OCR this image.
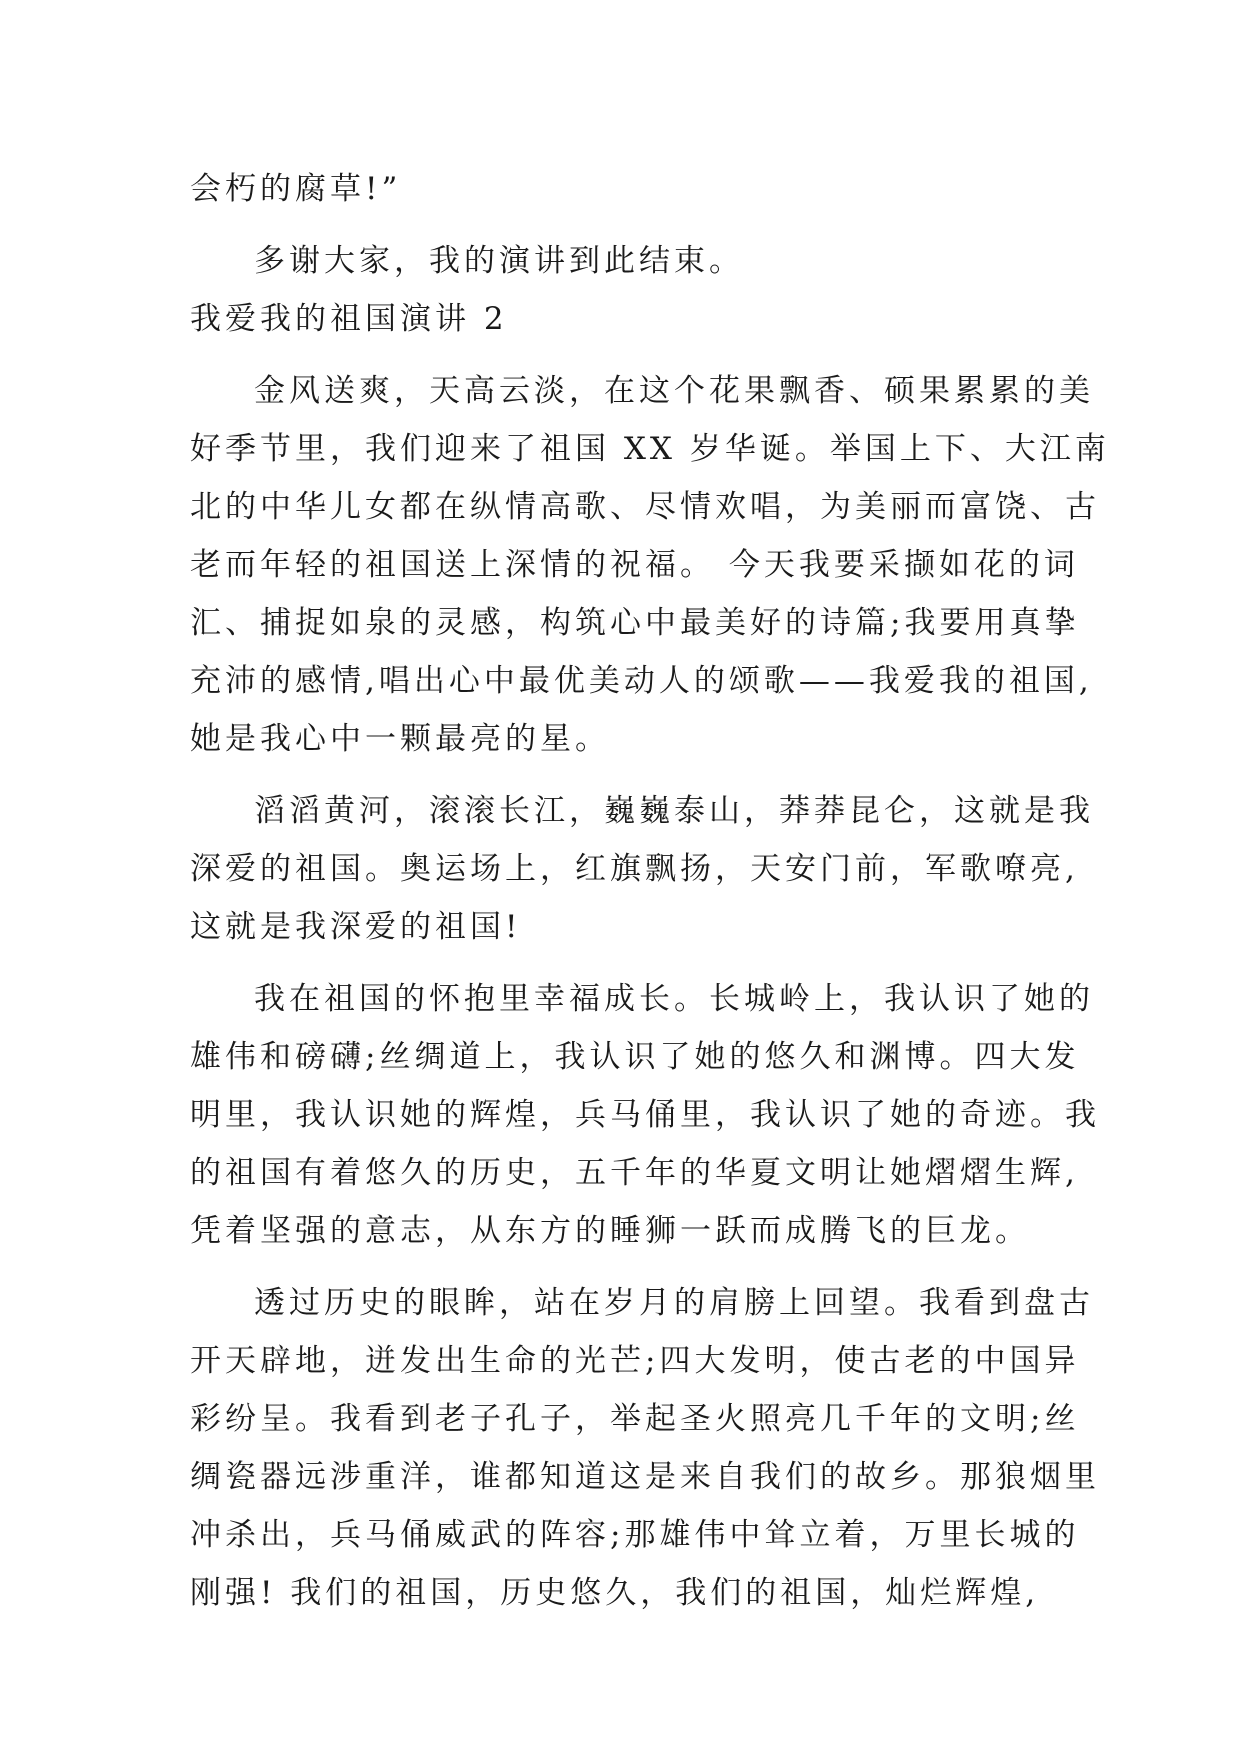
会朽的腐草!”
多谢大家，我的演讲到此结束。
我爱我的祖国演讲 2
金风送爽，天高云淡，在这个花果飘香、硕果累累的美
好季节里，我们迎来了祖国 XX 岁华诞。举国上下、大江南
北的中华儿女都在纵情高歌、尽情欢唱，为美丽而富饶、古
老而年轻的祖国送上深情的祝福。 今天我要采撷如花的词
汇、捕捉如泉的灵感，构筑心中最美好的诗篇;我要用真挚
充沛的感情,唱出心中最优美动人的颂歌——我爱我的祖国,
她是我心中一颗最亮的星。
滔滔黄河，滚滚长江，巍巍泰山，莽莽昆仑，这就是我
深爱的祖国。奥运场上，红旗飘扬，天安门前，军歌嘹亮,
这就是我深爱的祖国!
我在祖国的怀抱里幸福成长。长城岭上，我认识了她的
雄伟和磅礴;丝绸道上，我认识了她的悠久和渊博。四大发
明里，我认识她的辉煌，兵马俑里，我认识了她的奇迹。我
的祖国有着悠久的历史，五千年的华夏文明让她熠熠生辉,
凭着坚强的意志，从东方的睡狮一跃而成腾飞的巨龙。
透过历史的眼眸，站在岁月的肩膀上回望。我看到盘古
开天辟地，迸发出生命的光芒;四大发明，使古老的中国异
彩纷呈。我看到老子孔子，举起圣火照亮几千年的文明;丝
绸瓷器远涉重洋，谁都知道这是来自我们的故乡。那狼烟里
冲杀出，兵马俑威武的阵容;那雄伟中耸立着，万里长城的
刚强! 我们的祖国，历史悠久，我们的祖国，灿烂辉煌,
